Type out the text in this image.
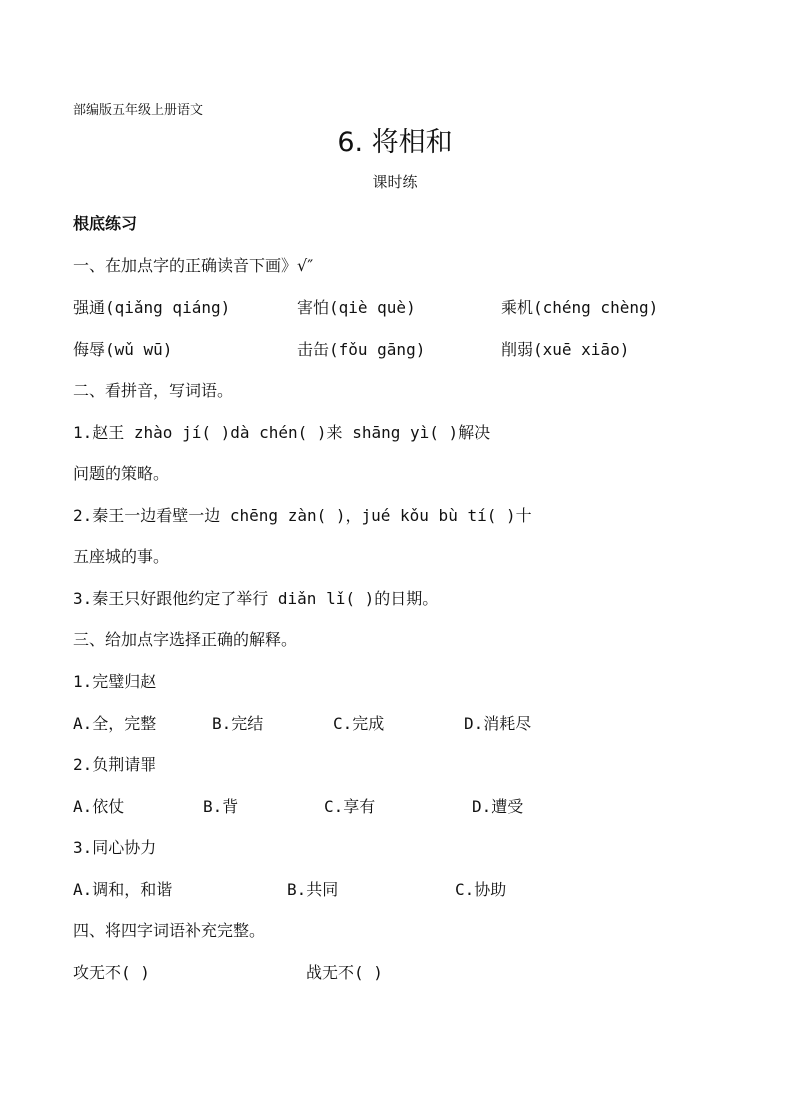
部编版五年级上册语文
6. 将相和
课时练
根底练习
一、在加点字的正确读音下画》√″
强通(qiǎng qiáng)	害怕(qiè què)	乘机(chéng chèng)
侮辱(wǔ wū)	击缶(fǒu gāng)	削弱(xuē xiāo)
二、看拼音，写词语。
1.赵王 zhào jí( )dà chén( )来 shāng yì( )解决
问题的策略。
2.秦王一边看壁一边 chēng zàn( )，jué kǒu bù tí( )十
五座城的事。
3.秦王只好跟他约定了举行 diǎn lǐ( )的日期。
三、给加点字选择正确的解释。
1.完璧归赵
A.全，完整	B.完结	C.完成	D.消耗尽
2.负荆请罪
A.依仗	B.背	C.享有	D.遭受
3.同心协力
A.调和，和谐	B.共同	C.协助
四、将四字词语补充完整。
攻无不( )	战无不( )
